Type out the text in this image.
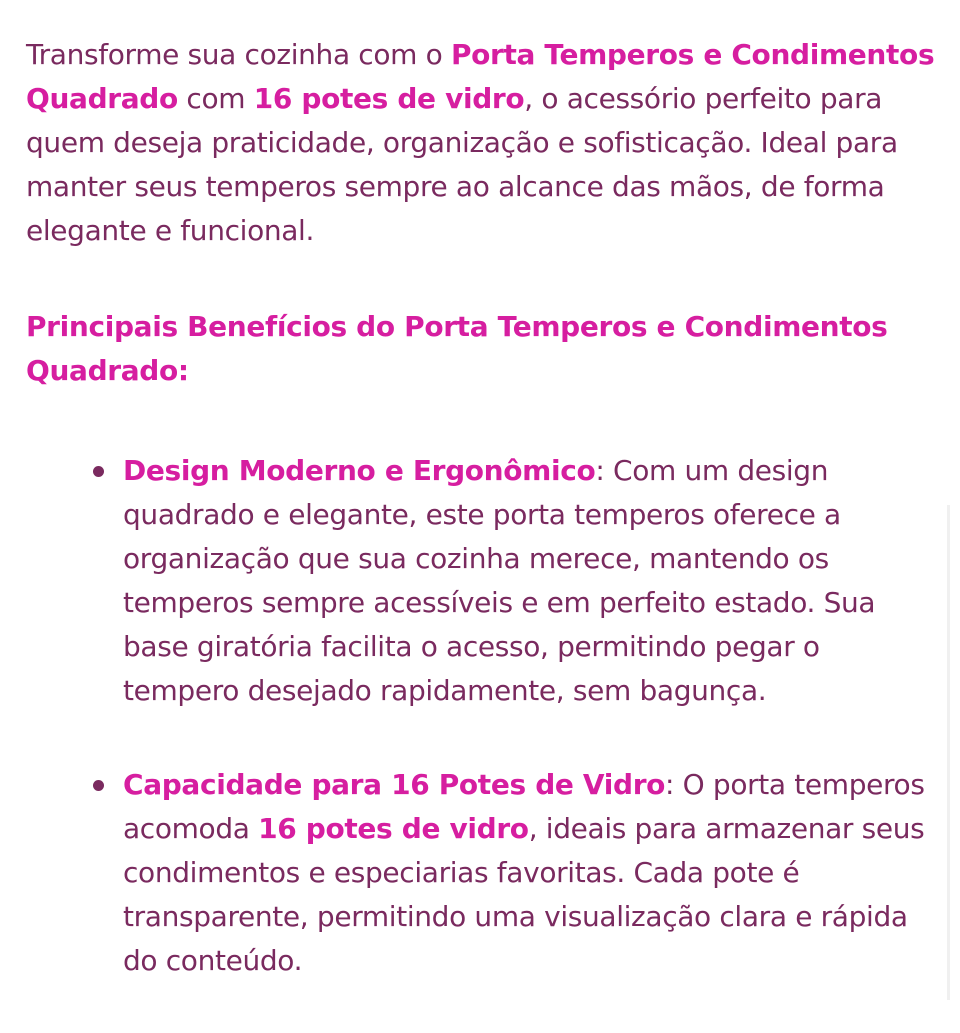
Transforme sua cozinha com o Porta Temperos e Condimentos Quadrado com 16 potes de vidro, o acessório perfeito para quem deseja praticidade, organização e sofisticação. Ideal para manter seus temperos sempre ao alcance das mãos, de forma elegante e funcional.

Principais Benefícios do Porta Temperos e Condimentos Quadrado:

Design Moderno e Ergonômico: Com um design quadrado e elegante, este porta temperos oferece a organização que sua cozinha merece, mantendo os temperos sempre acessíveis e em perfeito estado. Sua base giratória facilita o acesso, permitindo pegar o tempero desejado rapidamente, sem bagunça.
Capacidade para 16 Potes de Vidro: O porta temperos acomoda 16 potes de vidro, ideais para armazenar seus condimentos e especiarias favoritas. Cada pote é transparente, permitindo uma visualização clara e rápida do conteúdo.
